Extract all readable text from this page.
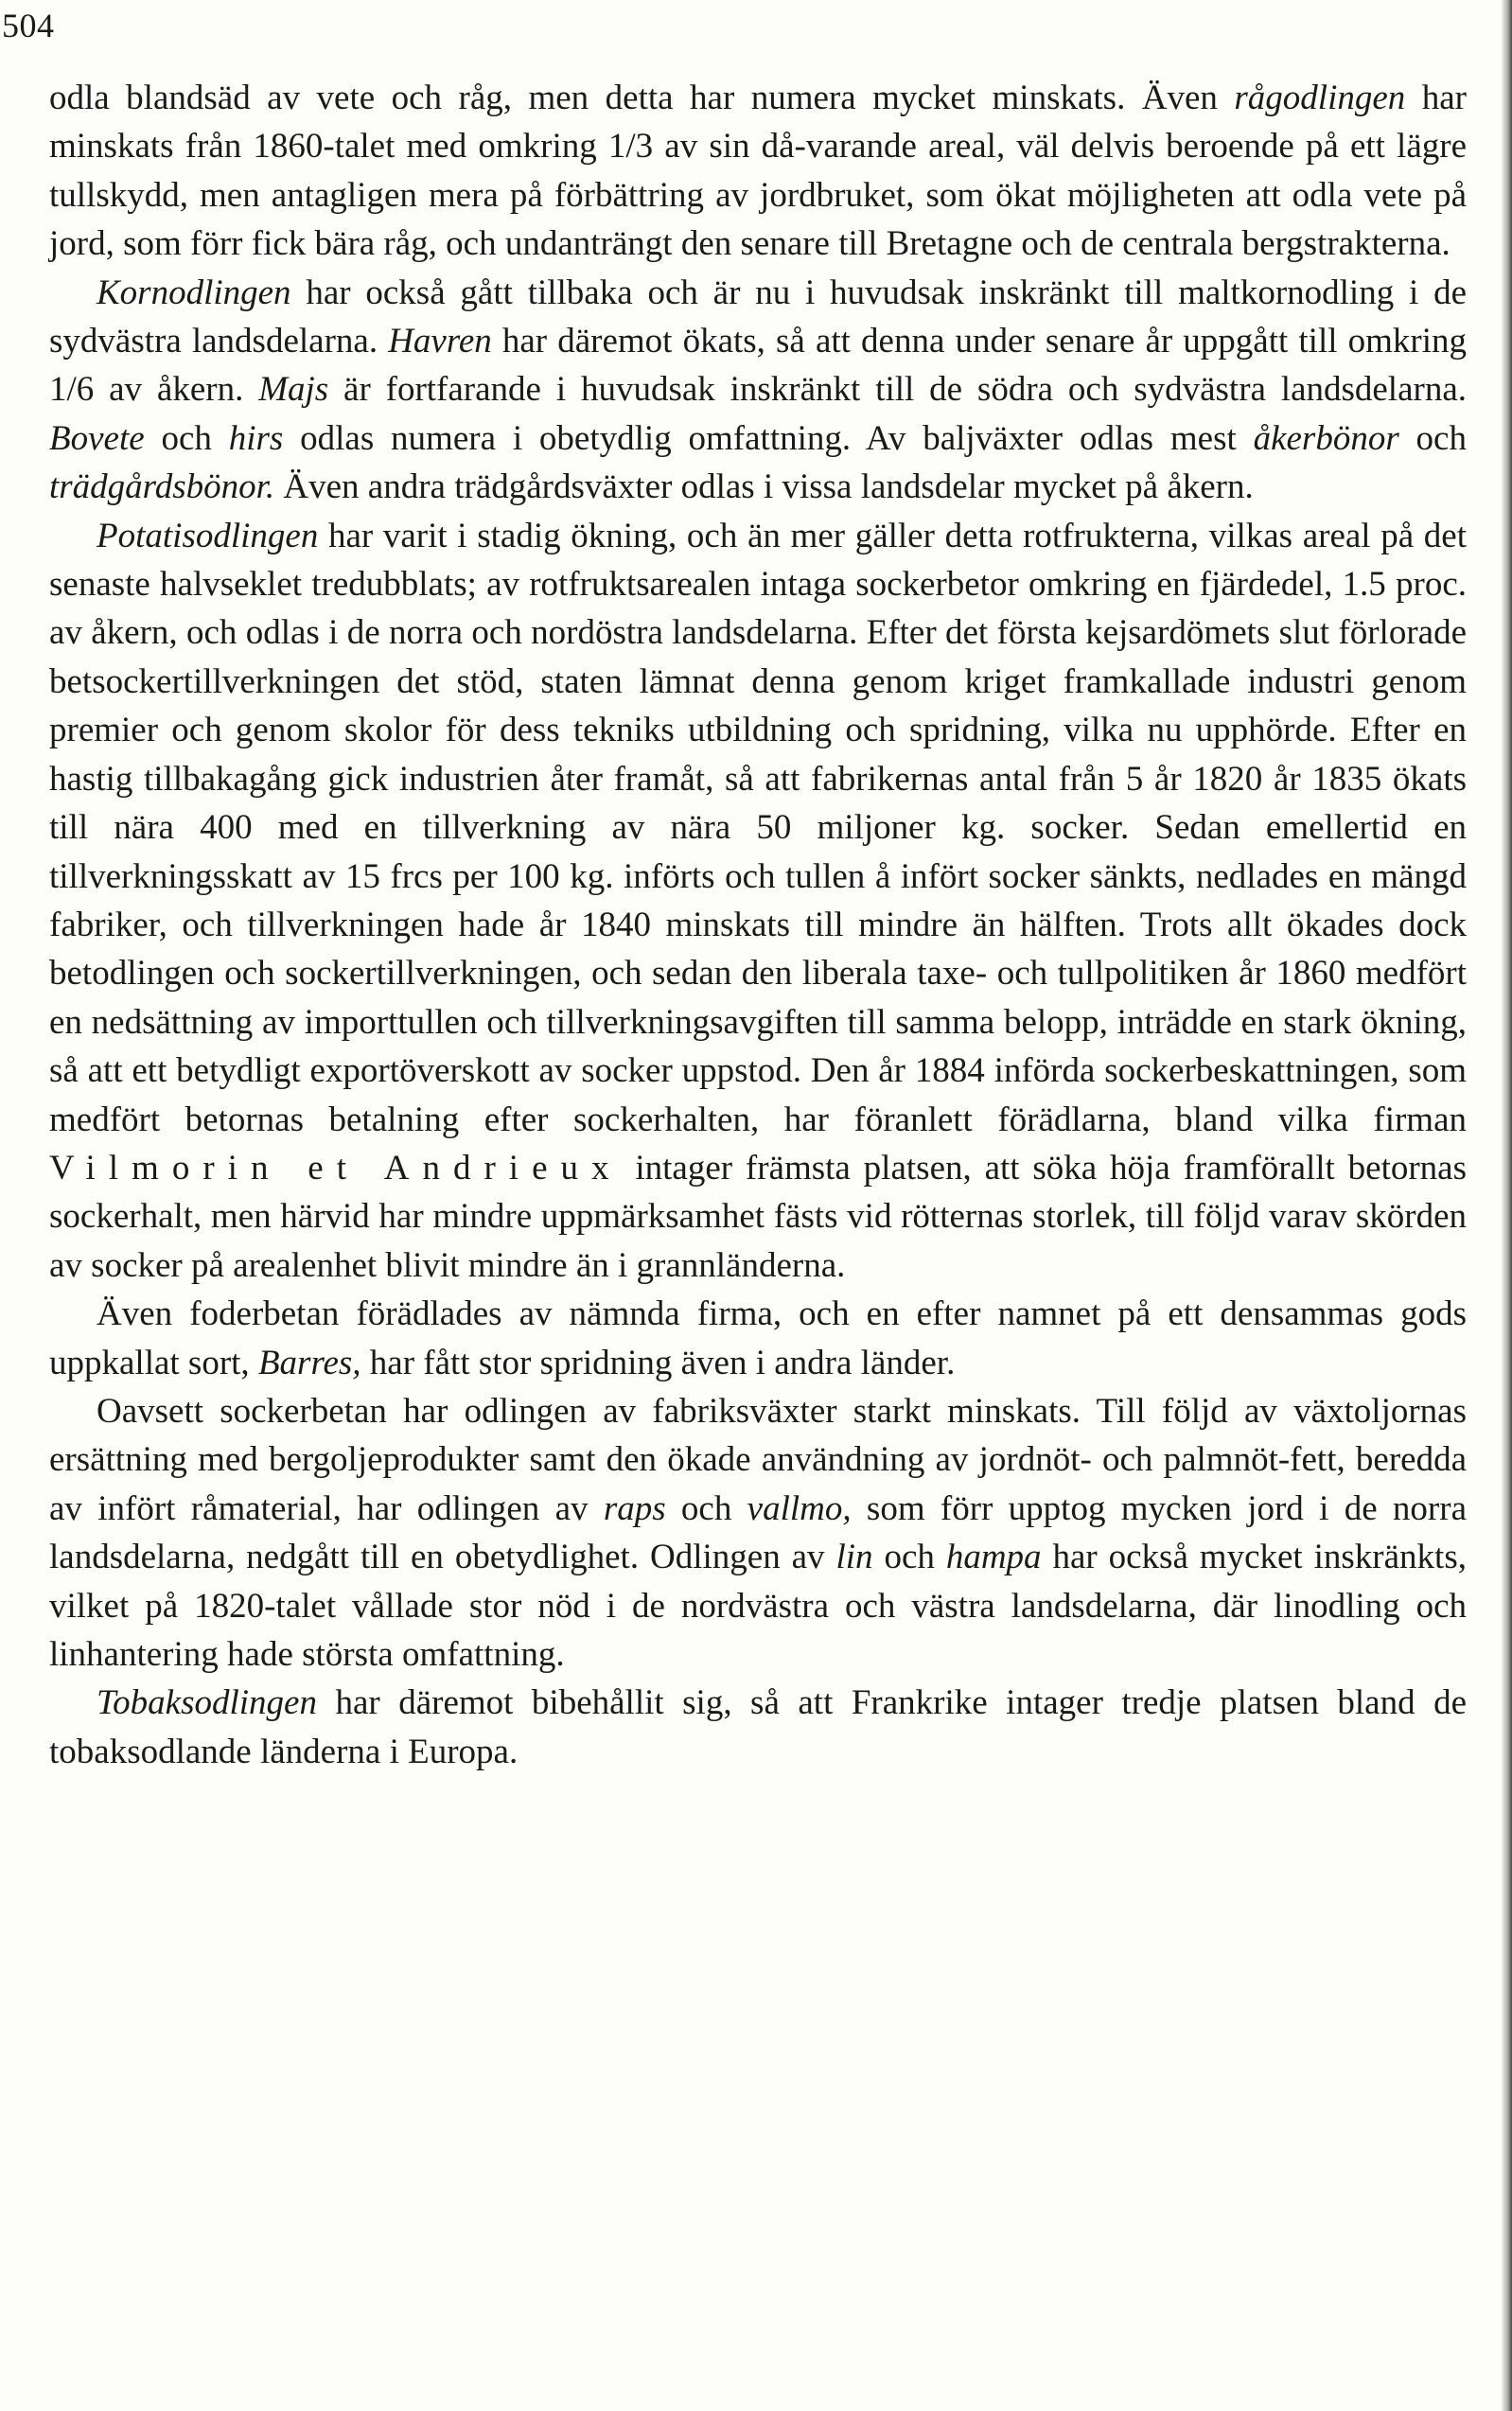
504

odla blandsäd av vete och råg, men detta har numera mycket minskats. Även rågodlingen har minskats från 1860-talet med omkring 1/3 av sin då-varande areal, väl delvis beroende på ett lägre tullskydd, men antagligen mera på förbättring av jordbruket, som ökat möjligheten att odla vete på jord, som förr fick bära råg, och undanträngt den senare till Bretagne och de centrala bergstrakterna.

Kornodlingen har också gått tillbaka och är nu i huvudsak inskränkt till maltkornodling i de sydvästra landsdelarna. Havren har däremot ökats, så att denna under senare år uppgått till omkring 1/6 av åkern. Majs är fortfarande i huvudsak inskränkt till de södra och sydvästra landsdelarna. Bovete och hirs odlas numera i obetydlig omfattning. Av baljväxter odlas mest åkerbönor och trädgårdsbönor. Även andra trädgårdsväxter odlas i vissa landsdelar mycket på åkern.

Potatisodlingen har varit i stadig ökning, och än mer gäller detta rotfrukterna, vilkas areal på det senaste halvseklet tredubblats; av rotfruktsarealen intaga sockerbetor omkring en fjärdedel, 1.5 proc. av åkern, och odlas i de norra och nordöstra landsdelarna. Efter det första kejsardömets slut förlorade betsockertillverkningen det stöd, staten lämnat denna genom kriget framkallade industri genom premier och genom skolor för dess tekniks utbildning och spridning, vilka nu upphörde. Efter en hastig tillbakagång gick industrien åter framåt, så att fabrikernas antal från 5 år 1820 år 1835 ökats till nära 400 med en tillverkning av nära 50 miljoner kg. socker. Sedan emellertid en tillverkningsskatt av 15 frcs per 100 kg. införts och tullen å infört socker sänkts, nedlades en mängd fabriker, och tillverkningen hade år 1840 minskats till mindre än hälften. Trots allt ökades dock betodlingen och sockertillverkningen, och sedan den liberala taxe- och tullpolitiken år 1860 medfört en nedsättning av importtullen och tillverkningsavgiften till samma belopp, inträdde en stark ökning, så att ett betydligt exportöverskott av socker uppstod. Den år 1884 införda sockerbeskattningen, som medfört betornas betalning efter sockerhalten, har föranlett förädlarna, bland vilka firman Vilmorin et Andrieux intager främsta platsen, att söka höja framförallt betornas sockerhalt, men härvid har mindre uppmärksamhet fästs vid rötternas storlek, till följd varav skörden av socker på arealenhet blivit mindre än i grannländerna.

Även foderbetan förädlades av nämnda firma, och en efter namnet på ett densammas gods uppkallat sort, Barres, har fått stor spridning även i andra länder.

Oavsett sockerbetan har odlingen av fabriksväxter starkt minskats. Till följd av växtoljornas ersättning med bergoljeprodukter samt den ökade användning av jordnöt- och palmnöt-fett, beredda av infört råmaterial, har odlingen av raps och vallmo, som förr upptog mycken jord i de norra landsdelarna, nedgått till en obetydlighet. Odlingen av lin och hampa har också mycket inskränkts, vilket på 1820-talet vållade stor nöd i de nordvästra och västra landsdelarna, där linodling och linhantering hade största omfattning.

Tobaksodlingen har däremot bibehållit sig, så att Frankrike intager tredje platsen bland de tobaksodlande länderna i Europa.
